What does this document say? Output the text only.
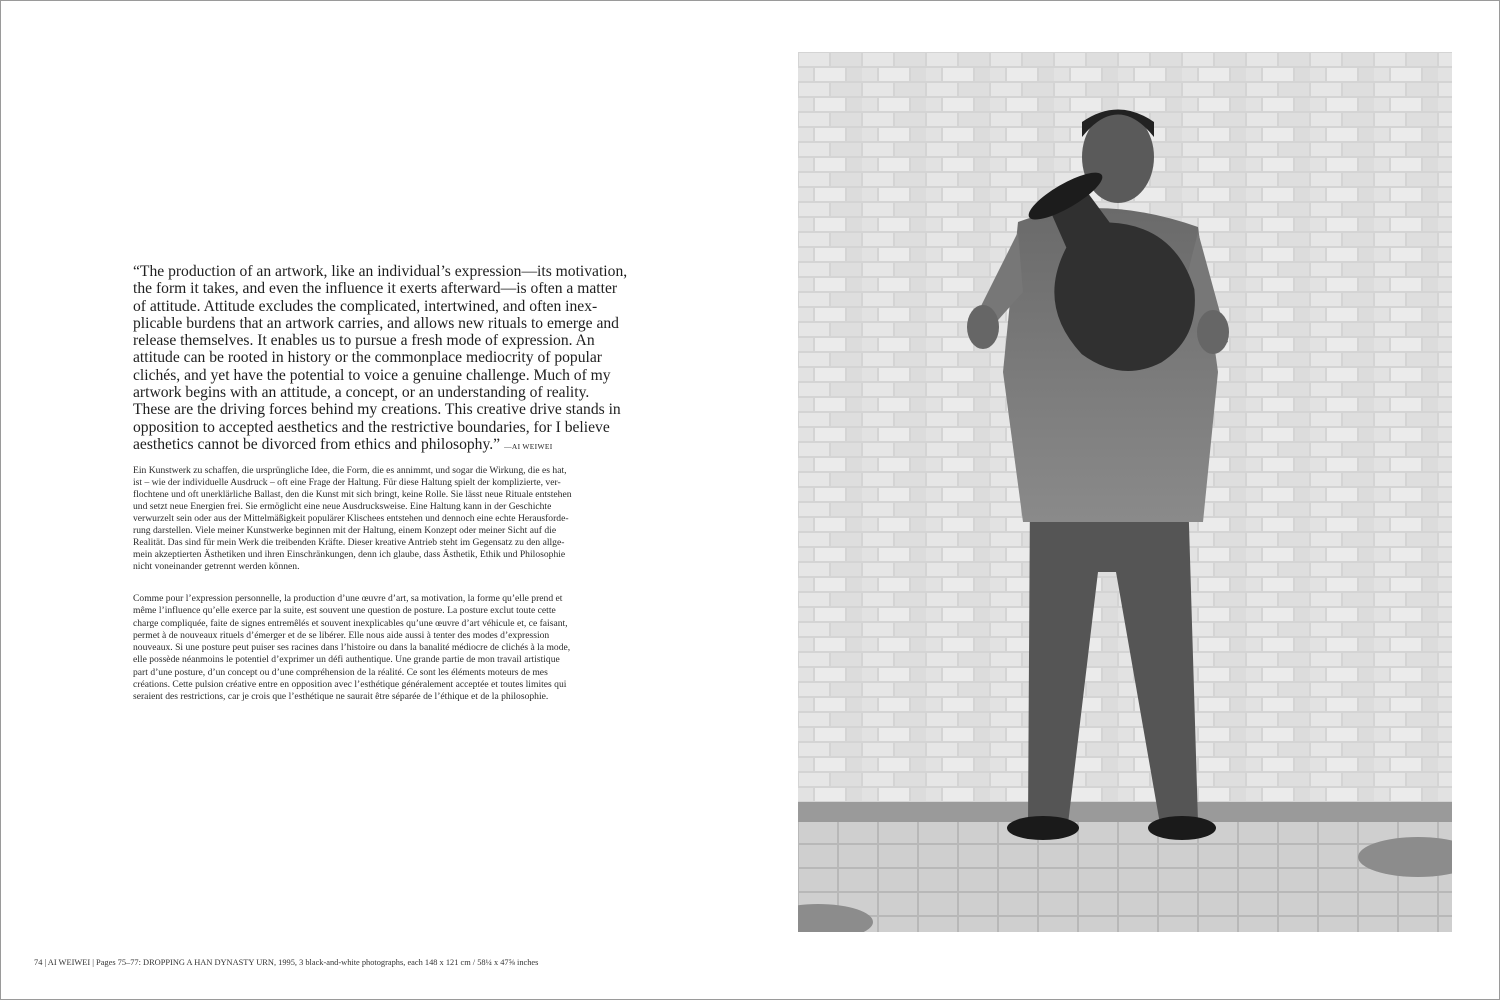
“The production of an artwork, like an individual’s expression—its motivation,
the form it takes, and even the influence it exerts afterward—is often a matter
of attitude. Attitude excludes the complicated, intertwined, and often inex-
plicable burdens that an artwork carries, and allows new rituals to emerge and
release themselves. It enables us to pursue a fresh mode of expression. An
attitude can be rooted in history or the commonplace mediocrity of popular
clichés, and yet have the potential to voice a genuine challenge. Much of my
artwork begins with an attitude, a concept, or an understanding of reality.
These are the driving forces behind my creations. This creative drive stands in
opposition to accepted aesthetics and the restrictive boundaries, for I believe
aesthetics cannot be divorced from ethics and philosophy.” —AI WEIWEI
Ein Kunstwerk zu schaffen, die ursprüngliche Idee, die Form, die es annimmt, und sogar die Wirkung, die es hat,
ist – wie der individuelle Ausdruck – oft eine Frage der Haltung. Für diese Haltung spielt der komplizierte, ver-
flochtene und oft unerklärliche Ballast, den die Kunst mit sich bringt, keine Rolle. Sie lässt neue Rituale entstehen
und setzt neue Energien frei. Sie ermöglicht eine neue Ausdrucksweise. Eine Haltung kann in der Geschichte
verwurzelt sein oder aus der Mittelmäßigkeit populärer Klischees entstehen und dennoch eine echte Herausforde-
rung darstellen. Viele meiner Kunstwerke beginnen mit der Haltung, einem Konzept oder meiner Sicht auf die
Realität. Das sind für mein Werk die treibenden Kräfte. Dieser kreative Antrieb steht im Gegensatz zu den allge-
mein akzeptierten Ästhetiken und ihren Einschränkungen, denn ich glaube, dass Ästhetik, Ethik und Philosophie
nicht voneinander getrennt werden können.
Comme pour l’expression personnelle, la production d’une œuvre d’art, sa motivation, la forme qu’elle prend et
même l’influence qu’elle exerce par la suite, est souvent une question de posture. La posture exclut toute cette
charge compliquée, faite de signes entremêlés et souvent inexplicables qu’une œuvre d’art véhicule et, ce faisant,
permet à de nouveaux rituels d’émerger et de se libérer. Elle nous aide aussi à tenter des modes d’expression
nouveaux. Si une posture peut puiser ses racines dans l’histoire ou dans la banalité médiocre de clichés à la mode,
elle possède néanmoins le potentiel d’exprimer un défi authentique. Une grande partie de mon travail artistique
part d’une posture, d’un concept ou d’une compréhension de la réalité. Ce sont les éléments moteurs de mes
créations. Cette pulsion créative entre en opposition avec l’esthétique généralement acceptée et toutes limites qui
seraient des restrictions, car je crois que l’esthétique ne saurait être séparée de l’éthique et de la philosophie.
74 | AI WEIWEI | Pages 75–77: DROPPING A HAN DYNASTY URN, 1995, 3 black-and-white photographs, each 148 x 121 cm / 58¼ x 47⅝ inches
